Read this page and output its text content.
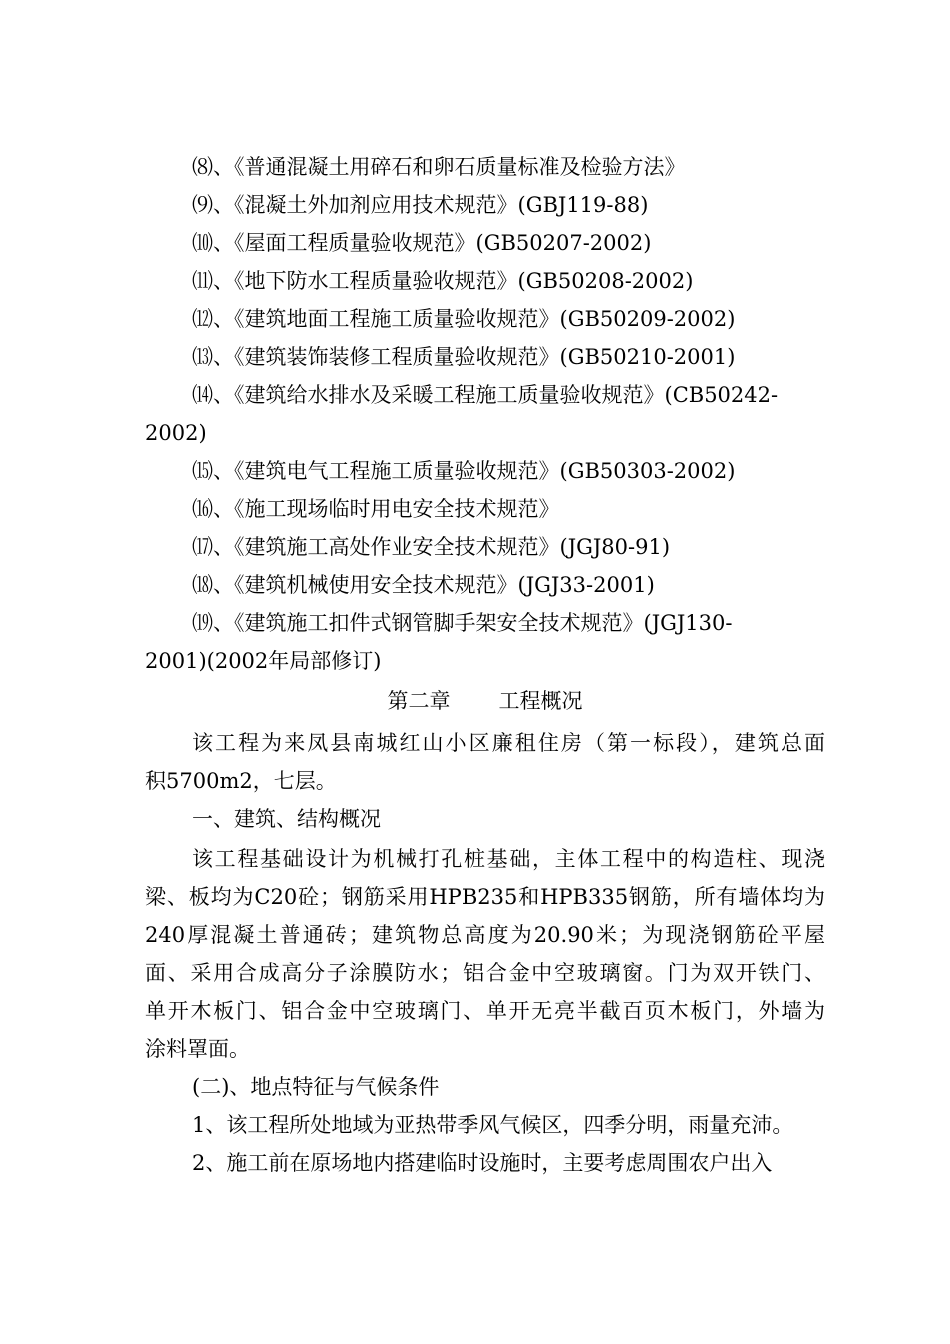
⑻、《普通混凝土用碎石和卵石质量标准及检验方法》
⑼、《混凝土外加剂应用技术规范》(GBJ119-88)
⑽、《屋面工程质量验收规范》(GB50207-2002)
⑾、《地下防水工程质量验收规范》(GB50208-2002)
⑿、《建筑地面工程施工质量验收规范》(GB50209-2002)
⒀、《建筑装饰装修工程质量验收规范》(GB50210-2001)
⒁、《建筑给水排水及采暖工程施工质量验收规范》(CB50242-
2002)
⒂、《建筑电气工程施工质量验收规范》(GB50303-2002)
⒃、《施工现场临时用电安全技术规范》
⒄、《建筑施工高处作业安全技术规范》(JGJ80-91)
⒅、《建筑机械使用安全技术规范》(JGJ33-2001)
⒆、《建筑施工扣件式钢管脚手架安全技术规范》(JGJ130-
2001)(2002年局部修订)
第二章 工程概况
该工程为来凤县南城红山小区廉租住房（第一标段），建筑总面
积5700m2，七层。
一、建筑、结构概况
该工程基础设计为机械打孔桩基础，主体工程中的构造柱、现浇
梁、板均为C20砼；钢筋采用HPB235和HPB335钢筋，所有墙体均为
240厚混凝土普通砖；建筑物总高度为20.90米；为现浇钢筋砼平屋
面、采用合成高分子涂膜防水；铝合金中空玻璃窗。门为双开铁门、
单开木板门、铝合金中空玻璃门、单开无亮半截百页木板门，外墙为
涂料罩面。
(二)、地点特征与气候条件
1、该工程所处地域为亚热带季风气候区，四季分明，雨量充沛。
2、施工前在原场地内搭建临时设施时，主要考虑周围农户出入
